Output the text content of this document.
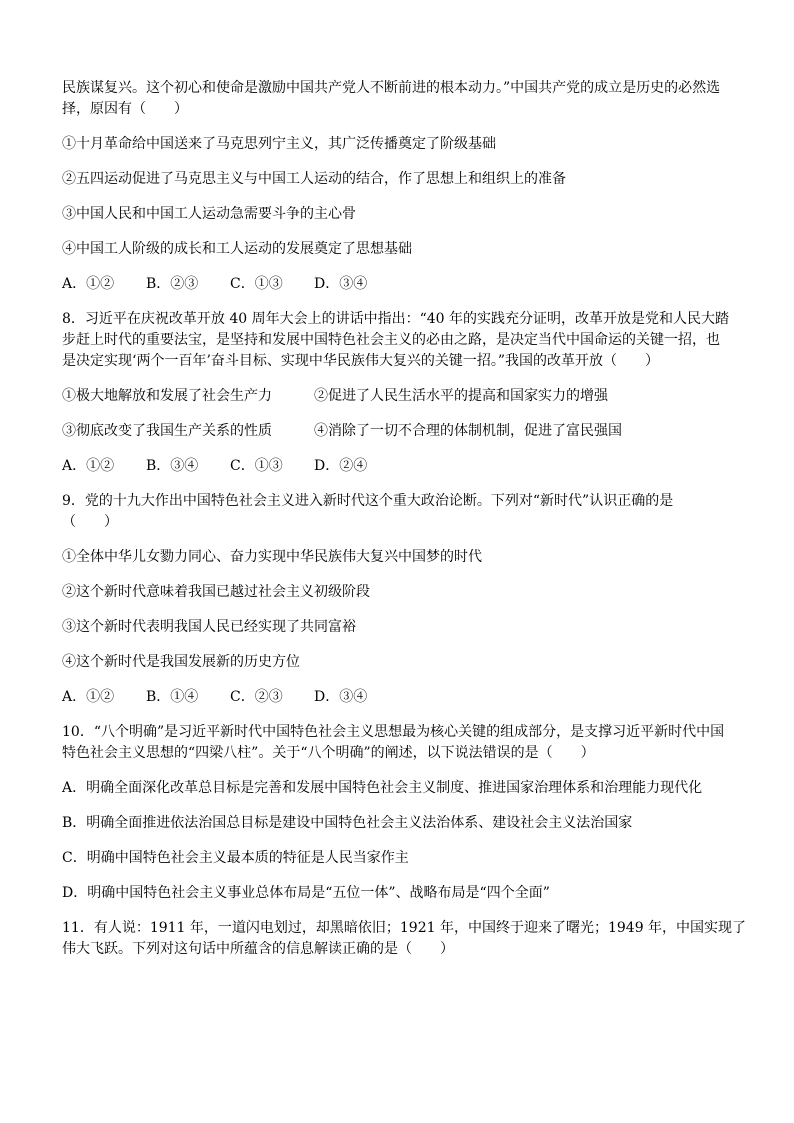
民族谋复兴。这个初心和使命是激励中国共产党人不断前进的根本动力。”中国共产党的成立是历史的必然选
择，原因有（　　）
①十月革命给中国送来了马克思列宁主义，其广泛传播奠定了阶级基础
②五四运动促进了马克思主义与中国工人运动的结合，作了思想上和组织上的准备
③中国人民和中国工人运动急需要斗争的主心骨
④中国工人阶级的成长和工人运动的发展奠定了思想基础
A．①②	B．②③	C．①③	D．③④
8．习近平在庆祝改革开放 40 周年大会上的讲话中指出：“40 年的实践充分证明，改革开放是党和人民大踏
步赶上时代的重要法宝，是坚持和发展中国特色社会主义的必由之路，是决定当代中国命运的关键一招，也
是决定实现‘两个一百年’奋斗目标、实现中华民族伟大复兴的关键一招。”我国的改革开放（　　）
①极大地解放和发展了社会生产力	②促进了人民生活水平的提高和国家实力的增强
③彻底改变了我国生产关系的性质	④消除了一切不合理的体制机制，促进了富民强国
A．①②	B．③④	C．①③	D．②④
9．党的十九大作出中国特色社会主义进入新时代这个重大政治论断。下列对“新时代”认识正确的是
（　　）
①全体中华儿女勠力同心、奋力实现中华民族伟大复兴中国梦的时代
②这个新时代意味着我国已越过社会主义初级阶段
③这个新时代表明我国人民已经实现了共同富裕
④这个新时代是我国发展新的历史方位
A．①②	B．①④	C．②③	D．③④
10．“八个明确”是习近平新时代中国特色社会主义思想最为核心关键的组成部分，是支撑习近平新时代中国
特色社会主义思想的“四梁八柱”。关于“八个明确”的阐述，以下说法错误的是（　　）
A．明确全面深化改革总目标是完善和发展中国特色社会主义制度、推进国家治理体系和治理能力现代化
B．明确全面推进依法治国总目标是建设中国特色社会主义法治体系、建设社会主义法治国家
C．明确中国特色社会主义最本质的特征是人民当家作主
D．明确中国特色社会主义事业总体布局是“五位一体”、战略布局是“四个全面”
11．有人说：1911 年，一道闪电划过，却黑暗依旧；1921 年，中国终于迎来了曙光；1949 年，中国实现了
伟大飞跃。下列对这句话中所蕴含的信息解读正确的是（　　）
